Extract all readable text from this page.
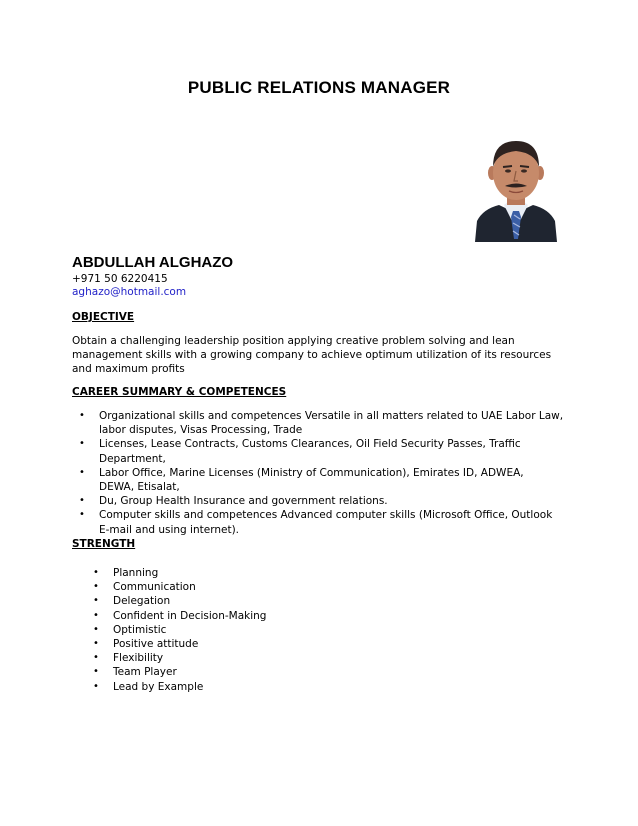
PUBLIC RELATIONS MANAGER
ABDULLAH ALGHAZO
+971 50 6220415
aghazo@hotmail.com
OBJECTIVE
Obtain a challenging leadership position applying creative problem solving and lean
management skills with a growing company to achieve optimum utilization of its resources
and maximum profits
CAREER SUMMARY & COMPETENCES
• Organizational skills and competences Versatile in all matters related to UAE Labor Law,
labor disputes, Visas Processing, Trade
• Licenses, Lease Contracts, Customs Clearances, Oil Field Security Passes, Traffic
Department,
• Labor Office, Marine Licenses (Ministry of Communication), Emirates ID, ADWEA,
DEWA, Etisalat,
• Du, Group Health Insurance and government relations.
• Computer skills and competences Advanced computer skills (Microsoft Office, Outlook
E-mail and using internet).
STRENGTH
• Planning
• Communication
• Delegation
• Confident in Decision-Making
• Optimistic
• Positive attitude
• Flexibility
• Team Player
• Lead by Example
